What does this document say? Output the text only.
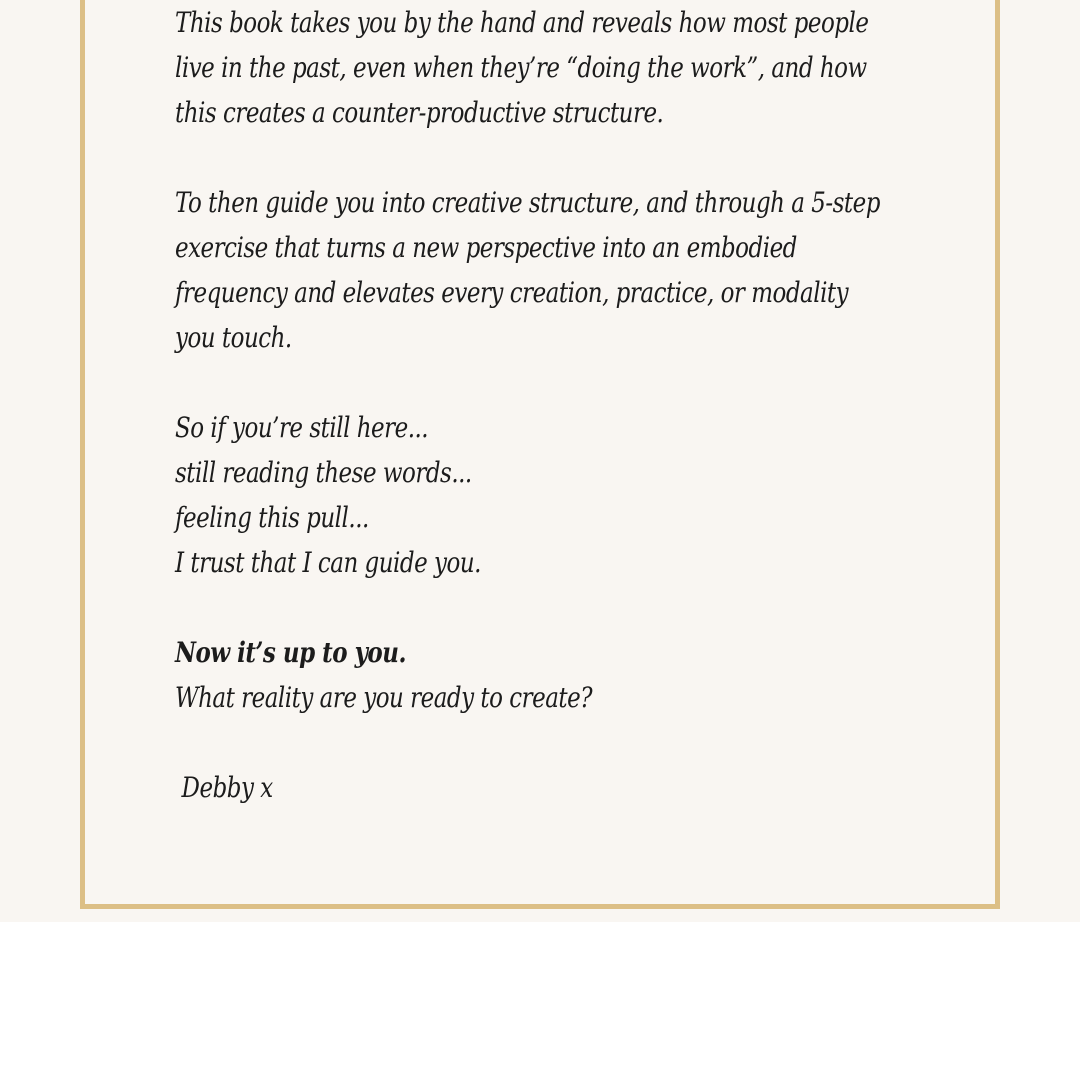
This book takes you by the hand and reveals how most people
live in the past, even when they’re “doing the work”, and how
this creates a counter-productive structure.
To then guide you into creative structure, and through a 5-step
exercise that turns a new perspective into an embodied
frequency and elevates every creation, practice, or modality
you touch.
So if you’re still here...
still reading these words...
feeling this pull...
I trust that I can guide you.
Now it’s up to you.
What reality are you ready to create?
Debby x
